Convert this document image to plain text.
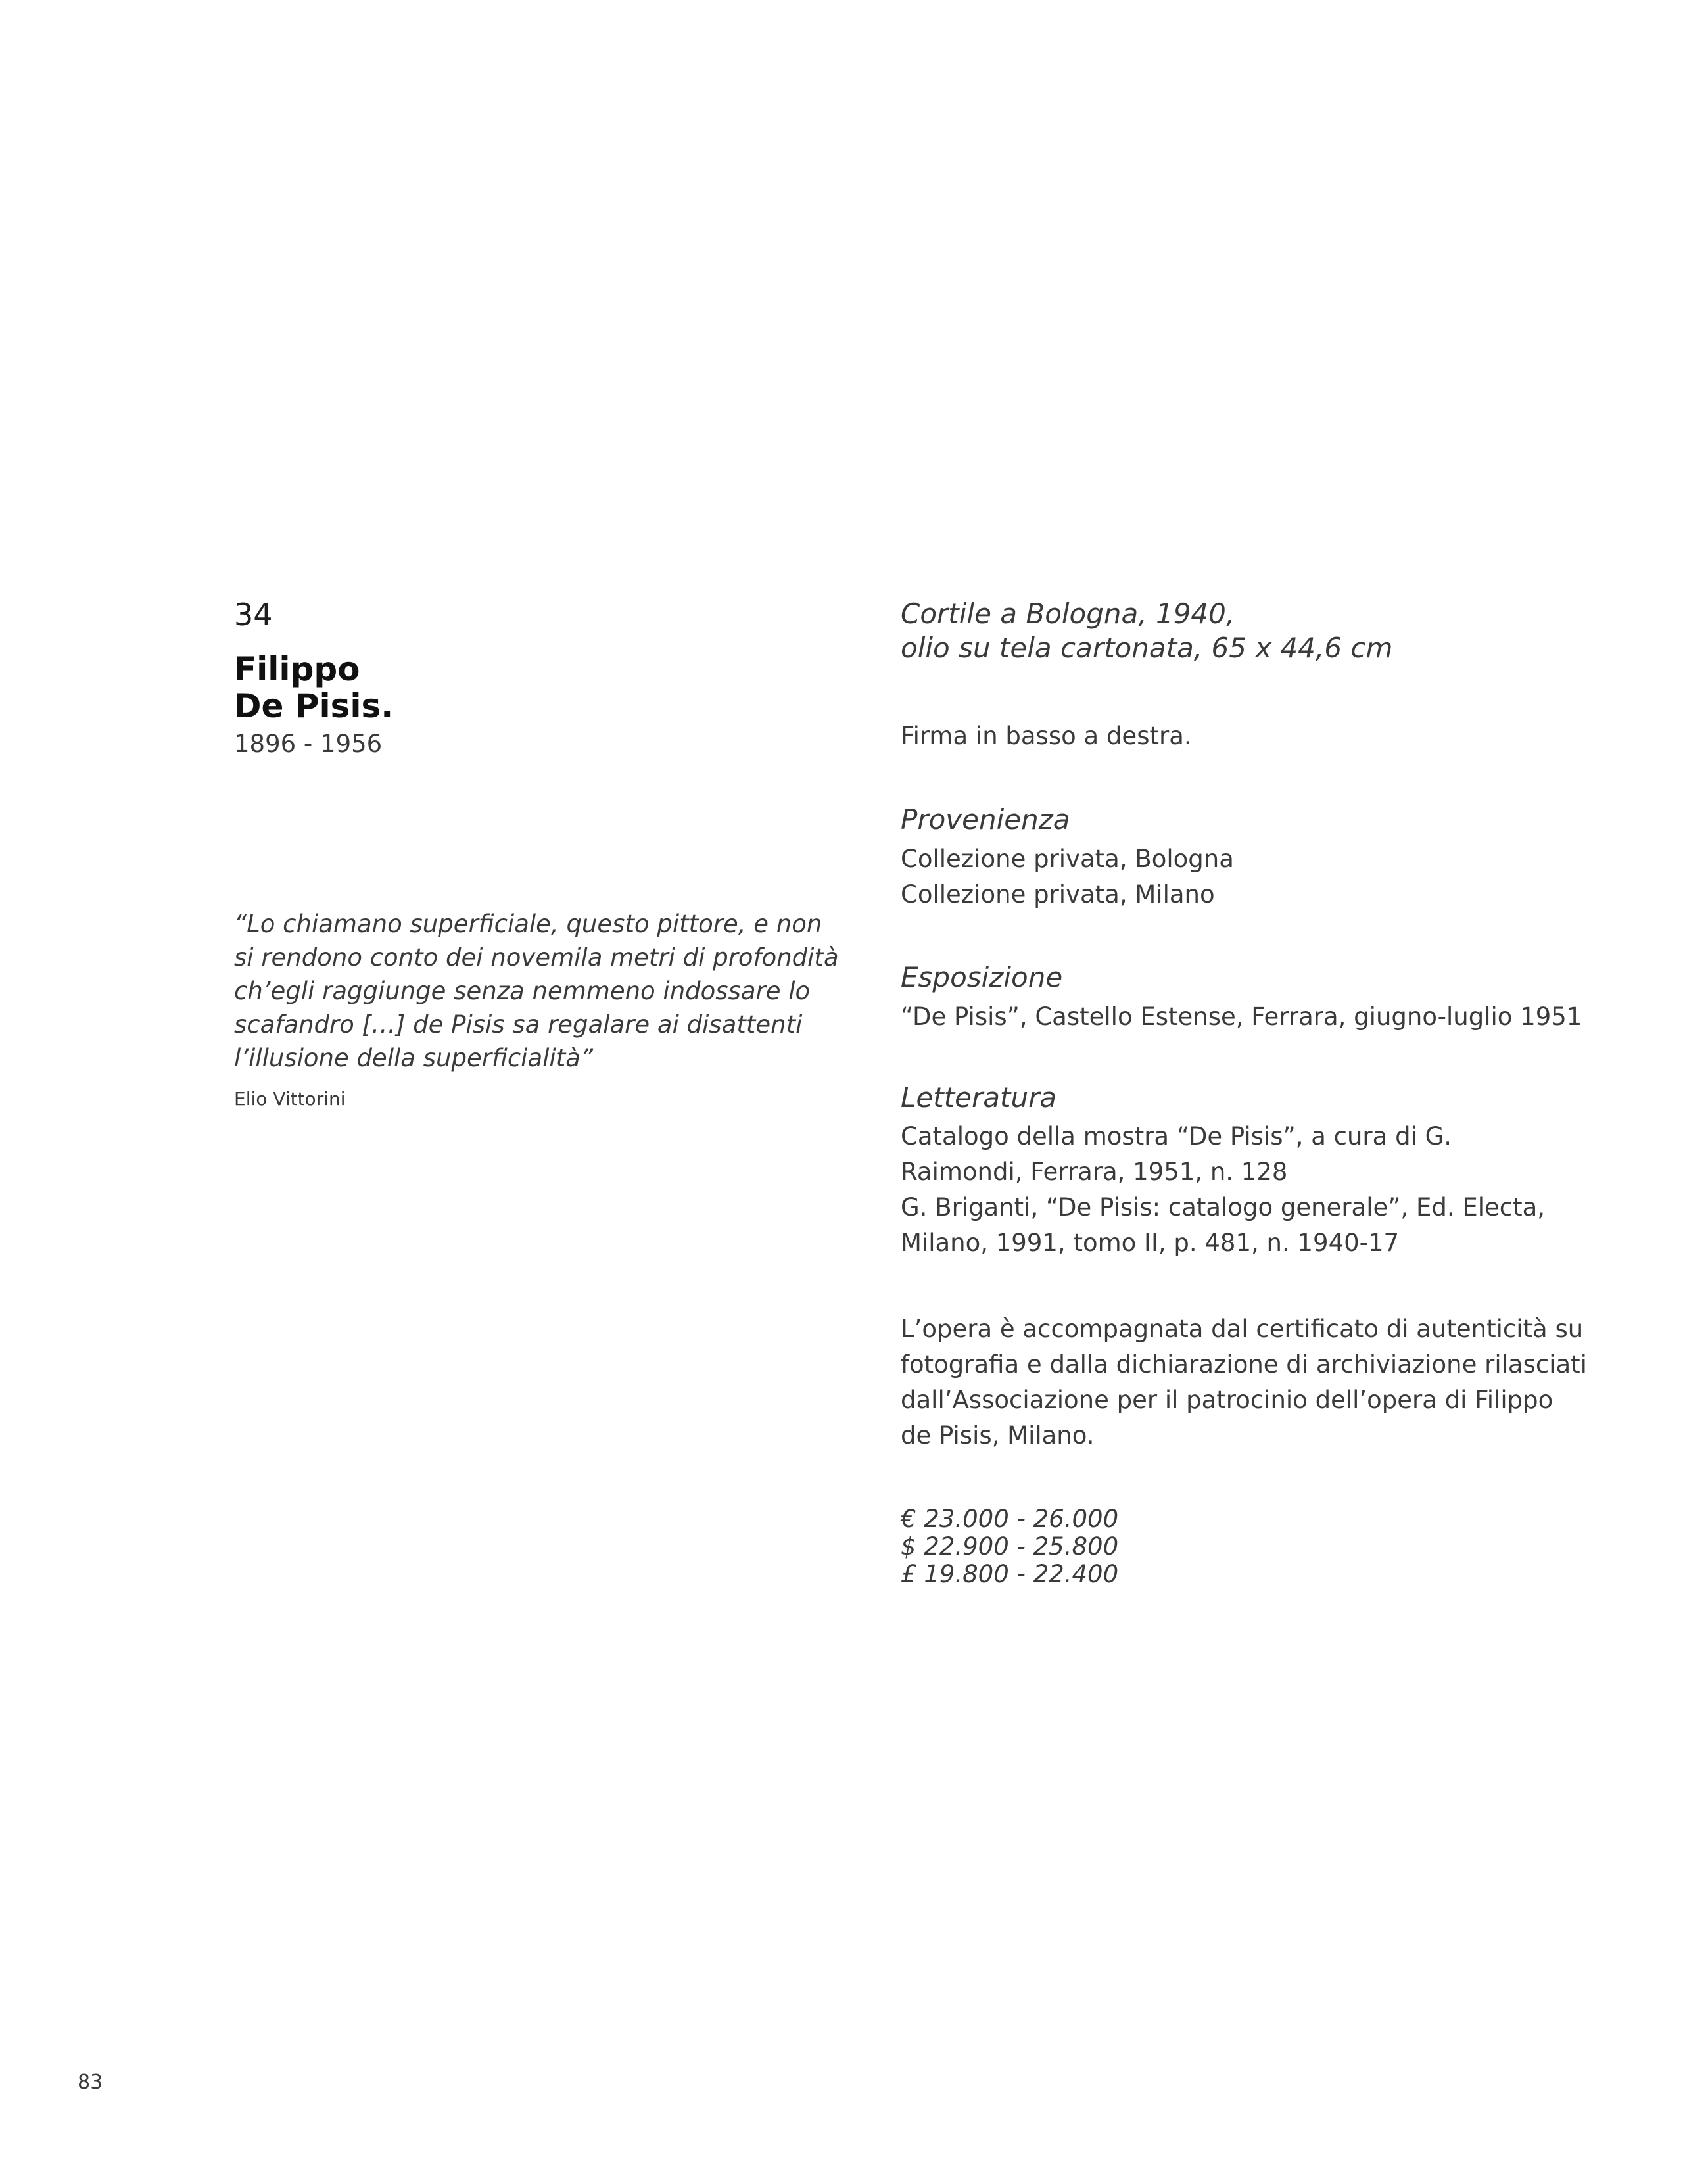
34
Filippo
De Pisis.
1896 - 1956
“Lo chiamano superficiale, questo pittore, e non
si rendono conto dei novemila metri di profondità
ch’egli raggiunge senza nemmeno indossare lo
scafandro […] de Pisis sa regalare ai disattenti
l’illusione della superficialità”
Elio Vittorini
Cortile a Bologna, 1940,
olio su tela cartonata, 65 x 44,6 cm
Firma in basso a destra.
Provenienza
Collezione privata, Bologna
Collezione privata, Milano
Esposizione
“De Pisis”, Castello Estense, Ferrara, giugno-luglio 1951
Letteratura
Catalogo della mostra “De Pisis”, a cura di G.
Raimondi, Ferrara, 1951, n. 128
G. Briganti, “De Pisis: catalogo generale”, Ed. Electa,
Milano, 1991, tomo II, p. 481, n. 1940-17
L’opera è accompagnata dal certificato di autenticità su
fotografia e dalla dichiarazione di archiviazione rilasciati
dall’Associazione per il patrocinio dell’opera di Filippo
de Pisis, Milano.
€ 23.000 - 26.000
$ 22.900 - 25.800
£ 19.800 - 22.400
83
